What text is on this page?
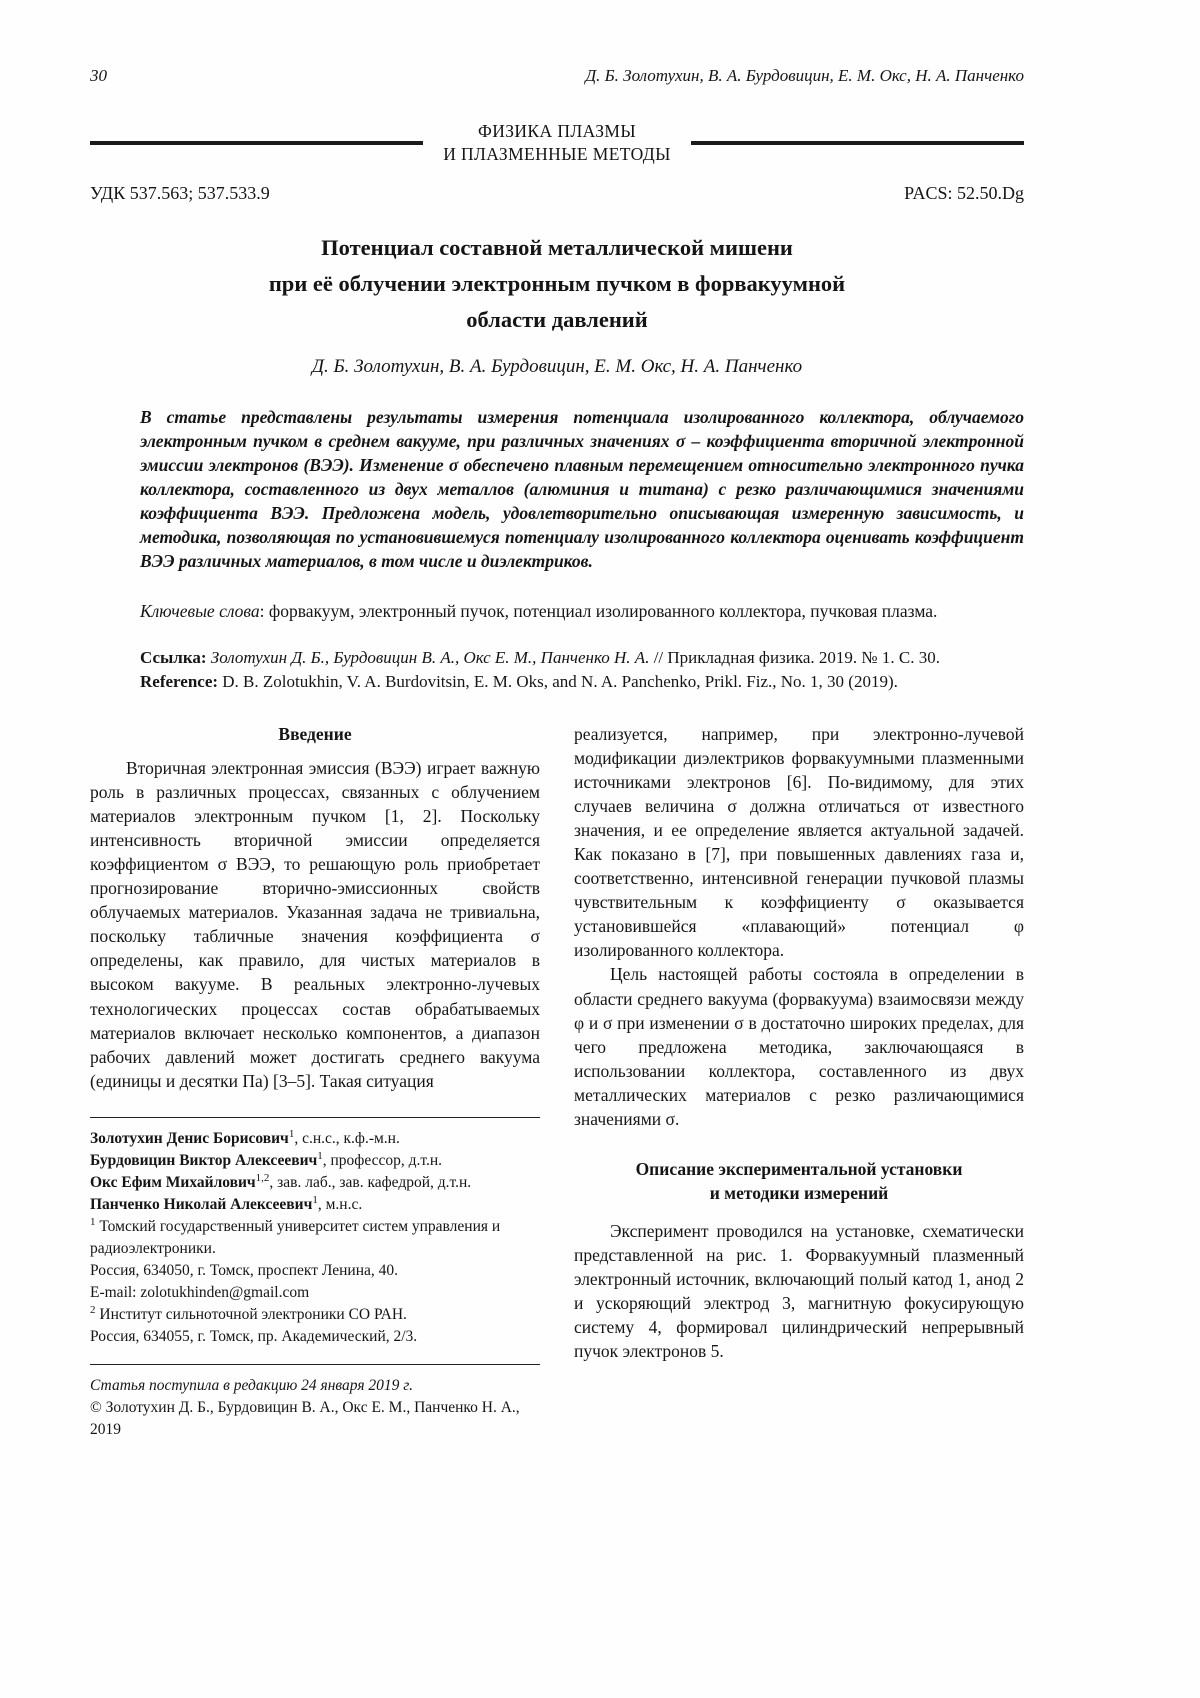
30	Д. Б. Золотухин, В. А. Бурдовицин, Е. М. Окс, Н. А. Панченко
ФИЗИКА ПЛАЗМЫ
И ПЛАЗМЕННЫЕ МЕТОДЫ
УДК 537.563; 537.533.9	PACS: 52.50.Dg
Потенциал составной металлической мишени
при её облучении электронным пучком в форвакуумной
области давлений

Д. Б. Золотухин, В. А. Бурдовицин, Е. М. Окс, Н. А. Панченко

В статье представлены результаты измерения потенциала изолированного коллектора, облучаемого электронным пучком в среднем вакууме, при различных значениях σ – коэффициента вторичной электронной эмиссии электронов (ВЭЭ). Изменение σ обеспечено плавным перемещением относительно электронного пучка коллектора, составленного из двух металлов (алюминия и титана) с резко различающимися значениями коэффициента ВЭЭ. Предложена модель, удовлетворительно описывающая измеренную зависимость, и методика, позволяющая по установившемуся потенциалу изолированного коллектора оценивать коэффициент ВЭЭ различных материалов, в том числе и диэлектриков.

Ключевые слова: форвакуум, электронный пучок, потенциал изолированного коллектора, пучковая плазма.

Ссылка: Золотухин Д. Б., Бурдовицин В. А., Окс Е. М., Панченко Н. А. // Прикладная физика. 2019. № 1. С. 30.

Reference: D. B. Zolotukhin, V. A. Burdovitsin, E. M. Oks, and N. A. Panchenko, Prikl. Fiz., No. 1, 30 (2019).

Введение

Вторичная электронная эмиссия (ВЭЭ) играет важную роль в различных процессах, связанных с облучением материалов электронным пучком [1, 2]. Поскольку интенсивность вторичной эмиссии определяется коэффициентом σ ВЭЭ, то решающую роль приобретает прогнозирование вторично-эмиссионных свойств облучаемых материалов. Указанная задача не тривиальна, поскольку табличные значения коэффициента σ определены, как правило, для чистых материалов в высоком вакууме. В реальных электронно-лучевых технологических процессах состав обрабатываемых материалов включает несколько компонентов, а диапазон рабочих давлений может достигать среднего вакуума (единицы и десятки Па) [3–5]. Такая ситуация

Золотухин Денис Борисович$^1$, с.н.с., к.ф.-м.н.

Бурдовицин Виктор Алексеевич$^1$, профессор, д.т.н.

Окс Ефим Михайлович$^{1,2}$, зав. лаб., зав. кафедрой, д.т.н.

Панченко Николай Алексеевич$^1$, м.н.с.

$^1$ Томский государственный университет систем управления и радиоэлектроники.

Россия, 634050, г. Томск, проспект Ленина, 40.

E-mail: zolotukhinden@gmail.com

$^2$ Институт сильноточной электроники СО РАН.

Россия, 634055, г. Томск, пр. Академический, 2/3.

Статья поступила в редакцию 24 января 2019 г.

© Золотухин Д. Б., Бурдовицин В. А., Окс Е. М., Панченко Н. А., 2019

реализуется, например, при электронно-лучевой модификации диэлектриков форвакуумными плазменными источниками электронов [6]. По-видимому, для этих случаев величина σ должна отличаться от известного значения, и ее определение является актуальной задачей. Как показано в [7], при повышенных давлениях газа и, соответственно, интенсивной генерации пучковой плазмы чувствительным к коэффициенту σ оказывается установившейся «плавающий» потенциал φ изолированного коллектора.

Цель настоящей работы состояла в определении в области среднего вакуума (форвакуума) взаимосвязи между φ и σ при изменении σ в достаточно широких пределах, для чего предложена методика, заключающаяся в использовании коллектора, составленного из двух металлических материалов с резко различающимися значениями σ.

Описание экспериментальной установки
и методики измерений

Эксперимент проводился на установке, схематически представленной на рис. 1. Форвакуумный плазменный электронный источник, включающий полый катод 1, анод 2 и ускоряющий электрод 3, магнитную фокусирующую систему 4, формировал цилиндрический непрерывный пучок электронов 5.
